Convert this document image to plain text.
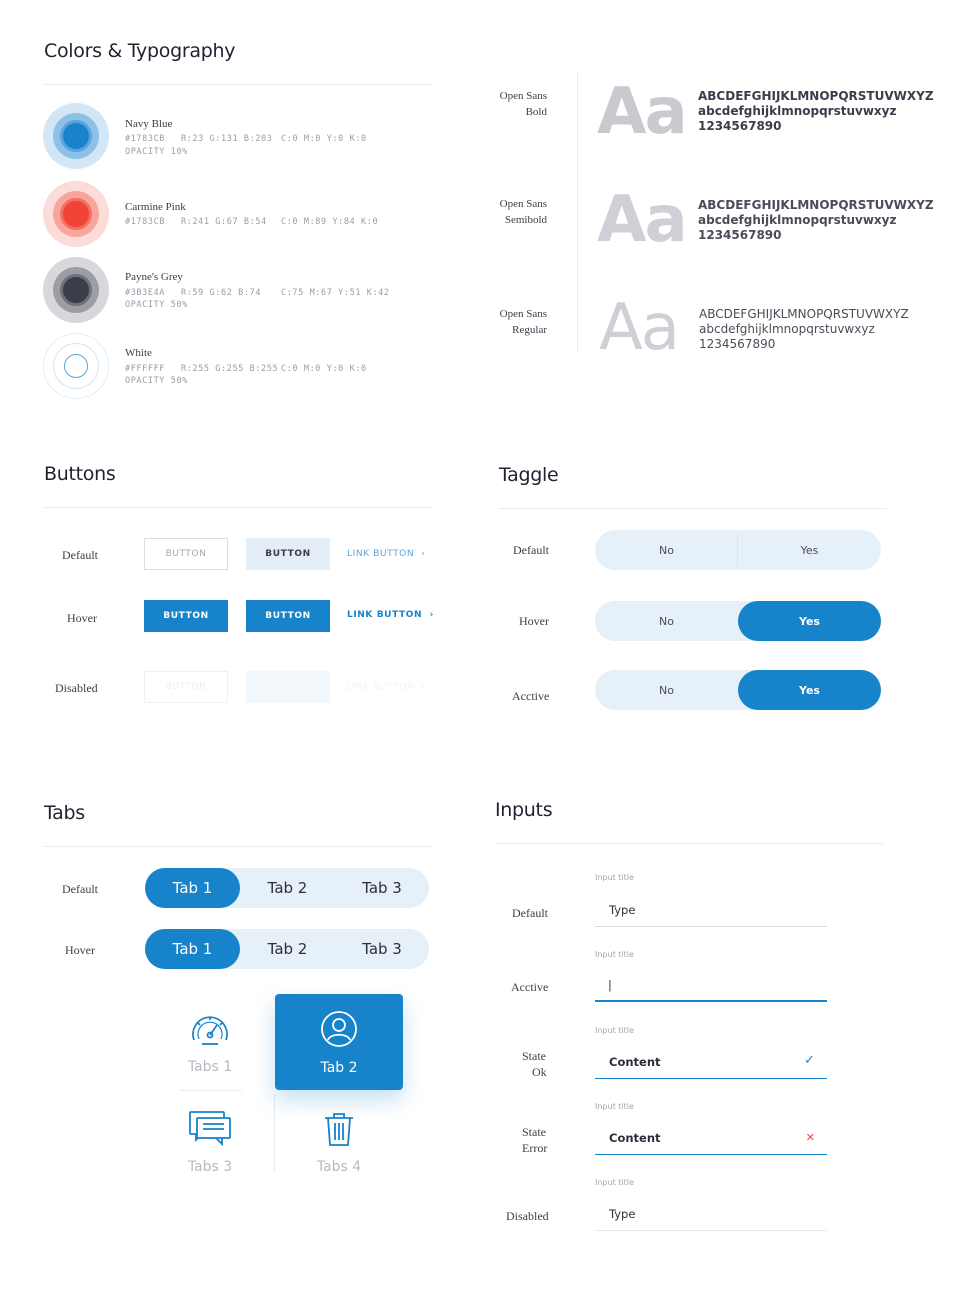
Colors & Typography
Navy Blue
#1783CB R:23 G:131 B:203 C:0 M:0 Y:0 K:0
OPACITY 10%
Carmine Pink
#1783CB R:241 G:67 B:54 C:0 M:89 Y:84 K:0
Payne's Grey
#3B3E4A R:59 G:62 B:74 C:75 M:67 Y:51 K:42
OPACITY 50%
White
#FFFFFF R:255 G:255 B:255 C:0 M:0 Y:0 K:0
OPACITY 50%
Open Sans
Bold Aa ABCDEFGHIJKLMNOPQRSTUVWXYZ
abcdefghijklmnopqrstuvwxyz
1234567890
Open Sans
Semibold Aa ABCDEFGHIJKLMNOPQRSTUVWXYZ
abcdefghijklmnopqrstuvwxyz
1234567890
Open Sans
Regular Aa ABCDEFGHIJKLMNOPQRSTUVWXYZ
abcdefghijklmnopqrstuvwxyz
1234567890
Buttons
Default	BUTTON	BUTTON	LINK BUTTON  ›
Hover	BUTTON	BUTTON	LINK BUTTON  ›
Disabled	BUTTON	BUTTON	LINK BUTTON  ›
Taggle
Default	No	Yes
Hover	No	Yes
Acctive	No	Yes
Tabs
Default	Tab 1	Tab 2	Tab 3
Hover	Tab 1	Tab 2	Tab 3
Tabs 1	Tab 2
Tabs 3	Tabs 4
Inputs
Default
Input title
Type
Acctive
Input title
|
State
Ok
Input title
Content	✓
State
Error
Input title
Content	✕
Disabled
Input title
Type
